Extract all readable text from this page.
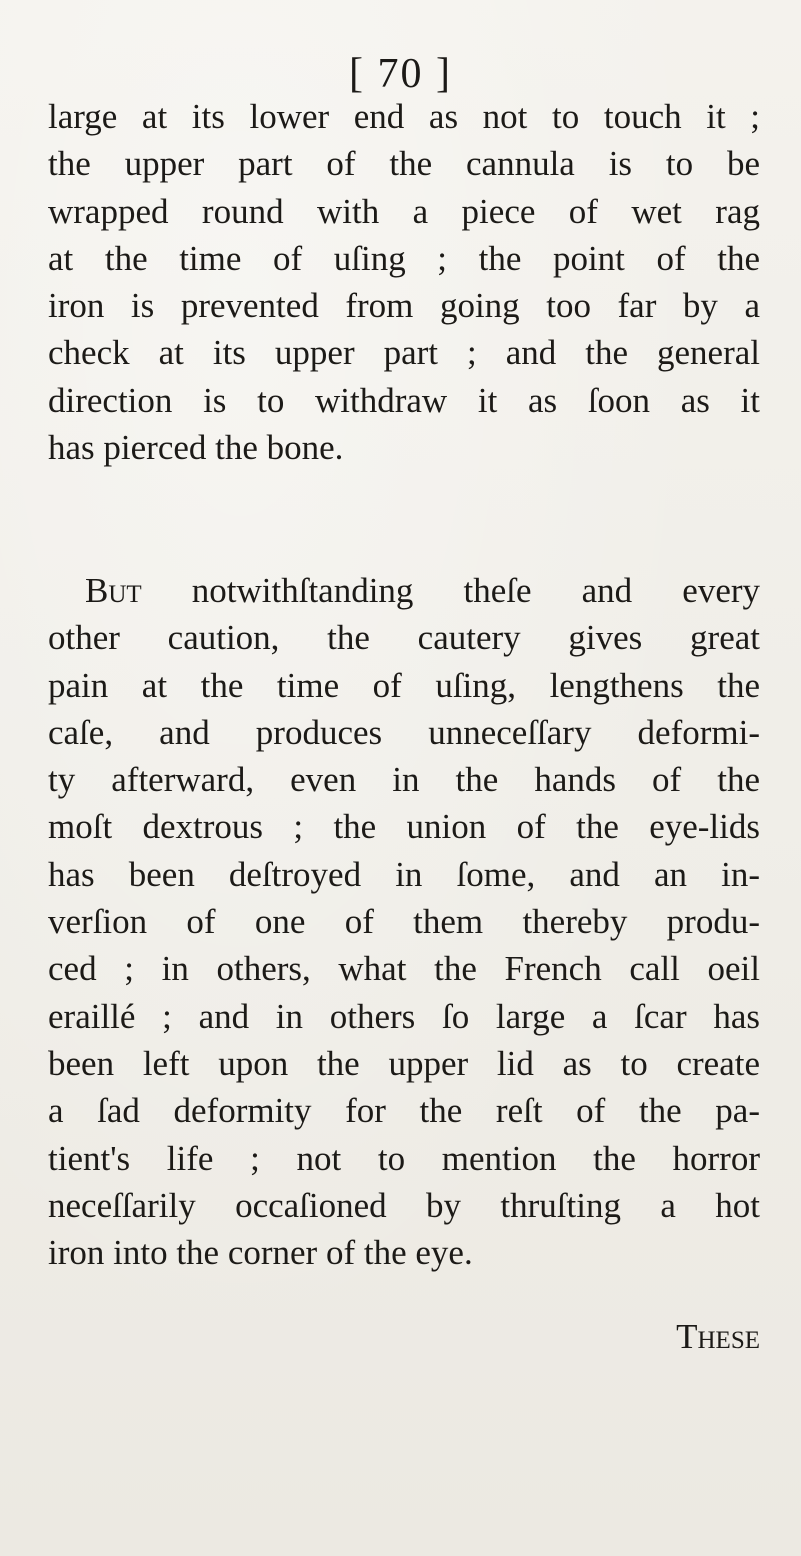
[ 70 ]
large at its lower end as not to touch it ;
the upper part of the cannula is to be
wrapped round with a piece of wet rag
at the time of uſing ; the point of the
iron is prevented from going too far by a
check at its upper part ; and the general
direction is to withdraw it as ſoon as it
has pierced the bone.
But notwithſtanding theſe and every
other caution, the cautery gives great
pain at the time of uſing, lengthens the
caſe, and produces unneceſſary deformi-
ty afterward, even in the hands of the
moſt dextrous ; the union of the eye-lids
has been deſtroyed in ſome, and an in-
verſion of one of them thereby produ-
ced ; in others, what the French call oeil
eraillé ; and in others ſo large a ſcar has
been left upon the upper lid as to create
a ſad deformity for the reſt of the pa-
tient's life ; not to mention the horror
neceſſarily occaſioned by thruſting a hot
iron into the corner of the eye.
These
